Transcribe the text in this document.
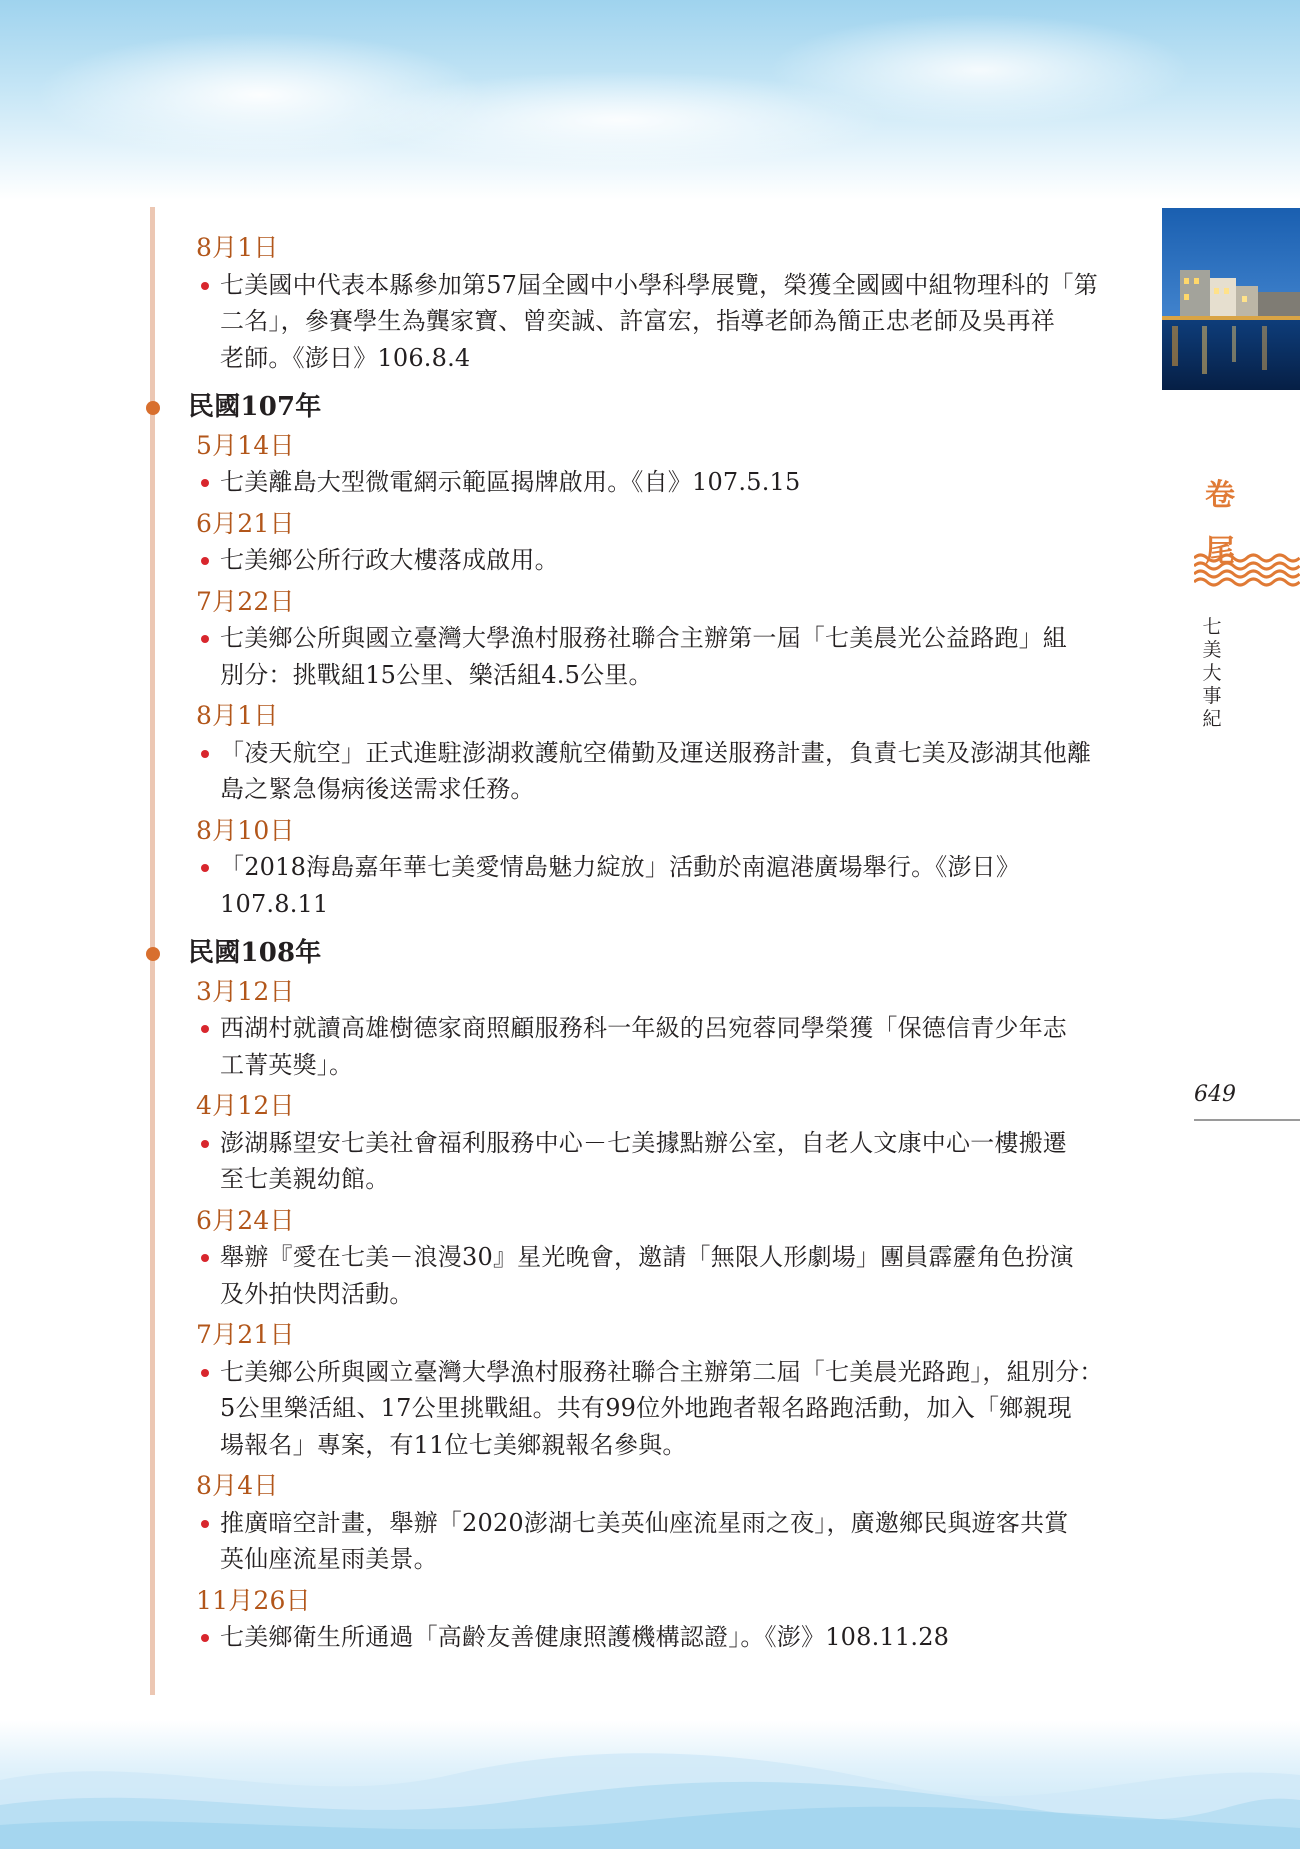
8月1日
七美國中代表本縣參加第57屆全國中小學科學展覽，榮獲全國國中組物理科的「第
二名」，參賽學生為龔家寶、曾奕誠、許富宏，指導老師為簡正忠老師及吳再祥
老師。《澎日》106.8.4
民國107年
5月14日
七美離島大型微電網示範區揭牌啟用。《自》107.5.15
6月21日
七美鄉公所行政大樓落成啟用。
7月22日
七美鄉公所與國立臺灣大學漁村服務社聯合主辦第一屆「七美晨光公益路跑」組
別分：挑戰組15公里、樂活組4.5公里。
8月1日
「凌天航空」正式進駐澎湖救護航空備勤及運送服務計畫，負責七美及澎湖其他離
島之緊急傷病後送需求任務。
8月10日
「2018海島嘉年華七美愛情島魅力綻放」活動於南滬港廣場舉行。《澎日》
107.8.11
民國108年
3月12日
西湖村就讀高雄樹德家商照顧服務科一年級的呂宛蓉同學榮獲「保德信青少年志
工菁英獎」。
4月12日
澎湖縣望安七美社會福利服務中心－七美據點辦公室，自老人文康中心一樓搬遷
至七美親幼館。
6月24日
舉辦『愛在七美－浪漫30』星光晚會，邀請「無限人形劇場」團員霹靂角色扮演
及外拍快閃活動。
7月21日
七美鄉公所與國立臺灣大學漁村服務社聯合主辦第二屆「七美晨光路跑」，組別分：
5公里樂活組、17公里挑戰組。共有99位外地跑者報名路跑活動，加入「鄉親現
場報名」專案，有11位七美鄉親報名參與。
8月4日
推廣暗空計畫，舉辦「2020澎湖七美英仙座流星雨之夜」，廣邀鄉民與遊客共賞
英仙座流星雨美景。
11月26日
七美鄉衛生所通過「高齡友善健康照護機構認證」。《澎》108.11.28
卷
尾
七
美
大
事
紀
649
